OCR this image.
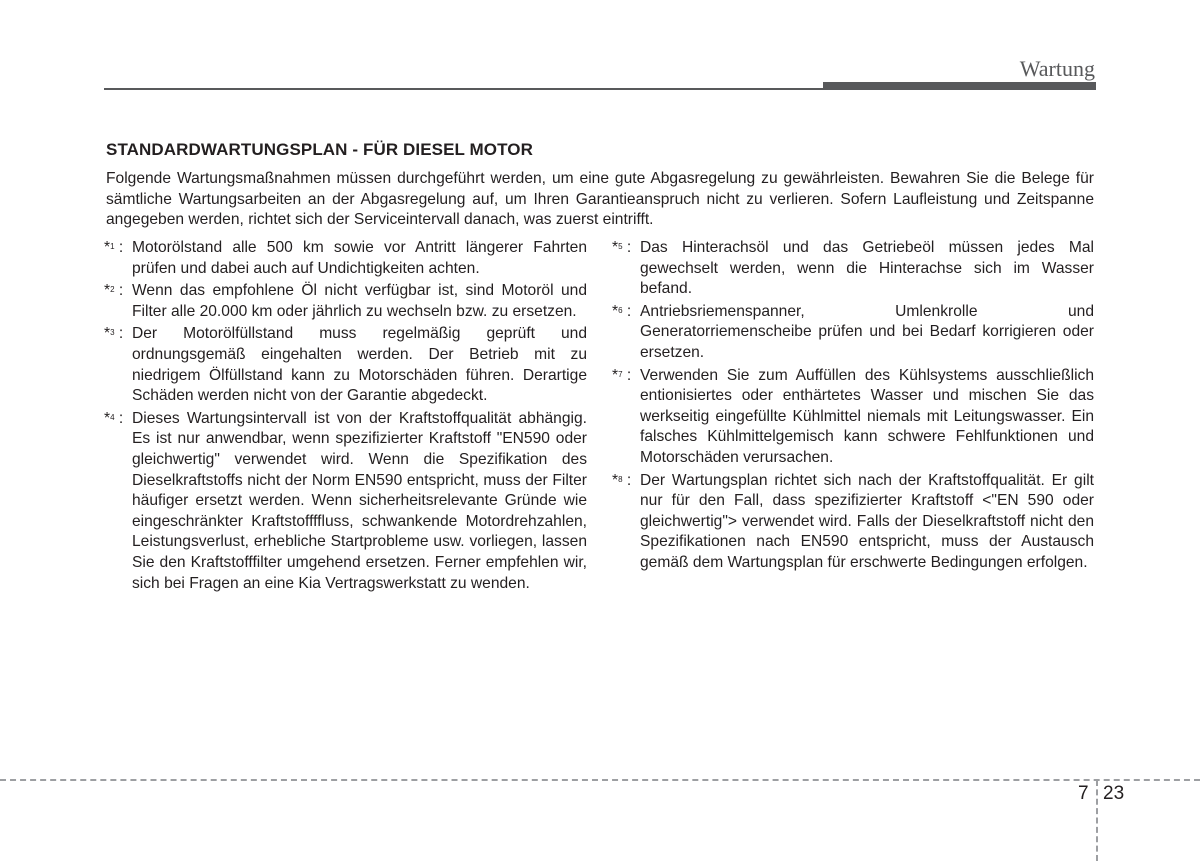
Wartung
STANDARDWARTUNGSPLAN - FÜR DIESEL MOTOR
Folgende Wartungsmaßnahmen müssen durchgeführt werden, um eine gute Abgasregelung zu gewährleisten. Bewahren Sie die Belege für sämtliche Wartungsarbeiten an der Abgasregelung auf, um Ihren Garantieanspruch nicht zu verlieren. Sofern Laufleistung und Zeitspanne angegeben werden, richtet sich der Serviceintervall danach, was zuerst eintrifft.
*$^1$ : Motorölstand alle 500 km sowie vor Antritt längerer Fahrten prüfen und dabei auch auf Undichtigkeiten achten.
*$^2$ : Wenn das empfohlene Öl nicht verfügbar ist, sind Motoröl und Filter alle 20.000 km oder jährlich zu wechseln bzw. zu ersetzen.
*$^3$ : Der Motorölfüllstand muss regelmäßig geprüft und ordnungsgemäß eingehalten werden. Der Betrieb mit zu niedrigem Ölfüllstand kann zu Motorschäden führen. Derartige Schäden werden nicht von der Garantie abgedeckt.
*$^4$ : Dieses Wartungsintervall ist von der Kraftstoffqualität abhängig. Es ist nur anwendbar, wenn spezifizierter Kraftstoff "EN590 oder gleichwertig" verwendet wird. Wenn die Spezifikation des Dieselkraftstoffs nicht der Norm EN590 entspricht, muss der Filter häufiger ersetzt werden. Wenn sicherheitsrelevante Gründe wie eingeschränkter Kraftstoffffluss, schwankende Motordrehzahlen, Leistungsverlust, erhebliche Startprobleme usw. vorliegen, lassen Sie den Kraftstofffilter umgehend ersetzen. Ferner empfehlen wir, sich bei Fragen an eine Kia Vertragswerkstatt zu wenden.
*$^5$ : Das Hinterachsöl und das Getriebeöl müssen jedes Mal gewechselt werden, wenn die Hinterachse sich im Wasser befand.
*$^6$ : Antriebsriemenspanner, Umlenkrolle und Generatorriemenscheibe prüfen und bei Bedarf korrigieren oder ersetzen.
*$^7$ : Verwenden Sie zum Auffüllen des Kühlsystems ausschließlich entionisiertes oder enthärtetes Wasser und mischen Sie das werkseitig eingefüllte Kühlmittel niemals mit Leitungswasser. Ein falsches Kühlmittelgemisch kann schwere Fehlfunktionen und Motorschäden verursachen.
*$^8$ : Der Wartungsplan richtet sich nach der Kraftstoffqualität. Er gilt nur für den Fall, dass spezifizierter Kraftstoff <"EN 590 oder gleichwertig"> verwendet wird. Falls der Dieselkraftstoff nicht den Spezifikationen nach EN590 entspricht, muss der Austausch gemäß dem Wartungsplan für erschwerte Bedingungen erfolgen.
7 23
